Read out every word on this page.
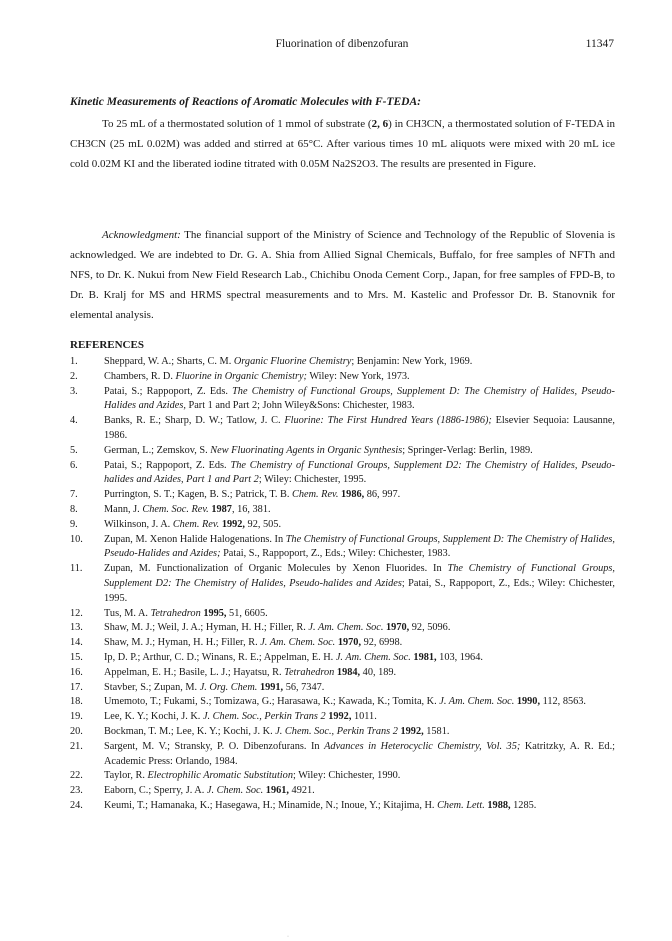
Fluorination of dibenzofuran	11347
Kinetic Measurements of Reactions of Aromatic Molecules with F-TEDA:
To 25 mL of a thermostated solution of 1 mmol of substrate (2, 6) in CH3CN, a thermostated solution of F-TEDA in CH3CN (25 mL 0.02M) was added and stirred at 65°C. After various times 10 mL aliquots were mixed with 20 mL ice cold 0.02M KI and the liberated iodine titrated with 0.05M Na2S2O3. The results are presented in Figure.
Acknowledgment: The financial support of the Ministry of Science and Technology of the Republic of Slovenia is acknowledged. We are indebted to Dr. G. A. Shia from Allied Signal Chemicals, Buffalo, for free samples of NFTh and NFS, to Dr. K. Nukui from New Field Research Lab., Chichibu Onoda Cement Corp., Japan, for free samples of FPD-B, to Dr. B. Kralj for MS and HRMS spectral measurements and to Mrs. M. Kastelic and Professor Dr. B. Stanovnik for elemental analysis.
REFERENCES
1.	Sheppard, W. A.; Sharts, C. M. Organic Fluorine Chemistry; Benjamin: New York, 1969.
2.	Chambers, R. D. Fluorine in Organic Chemistry; Wiley: New York, 1973.
3.	Patai, S.; Rappoport, Z. Eds. The Chemistry of Functional Groups, Supplement D: The Chemistry of Halides, Pseudo-Halides and Azides, Part 1 and Part 2; John Wiley&Sons: Chichester, 1983.
4.	Banks, R. E.; Sharp, D. W.; Tatlow, J. C. Fluorine: The First Hundred Years (1886-1986); Elsevier Sequoia: Lausanne, 1986.
5.	German, L.; Zemskov, S. New Fluorinating Agents in Organic Synthesis; Springer-Verlag: Berlin, 1989.
6.	Patai, S.; Rappoport, Z. Eds. The Chemistry of Functional Groups, Supplement D2: The Chemistry of Halides, Pseudo-halides and Azides, Part 1 and Part 2; Wiley: Chichester, 1995.
7.	Purrington, S. T.; Kagen, B. S.; Patrick, T. B. Chem. Rev. 1986, 86, 997.
8.	Mann, J. Chem. Soc. Rev. 1987, 16, 381.
9.	Wilkinson, J. A. Chem. Rev. 1992, 92, 505.
10. Zupan, M. Xenon Halide Halogenations. In The Chemistry of Functional Groups, Supplement D: The Chemistry of Halides, Pseudo-Halides and Azides; Patai, S., Rappoport, Z., Eds.; Wiley: Chichester, 1983.
11. Zupan, M. Functionalization of Organic Molecules by Xenon Fluorides. In The Chemistry of Functional Groups, Supplement D2: The Chemistry of Halides, Pseudo-halides and Azides; Patai, S., Rappoport, Z., Eds.; Wiley: Chichester, 1995.
12. Tus, M. A. Tetrahedron 1995, 51, 6605.
13. Shaw, M. J.; Weil, J. A.; Hyman, H. H.; Filler, R. J. Am. Chem. Soc. 1970, 92, 5096.
14. Shaw, M. J.; Hyman, H. H.; Filler, R. J. Am. Chem. Soc. 1970, 92, 6998.
15. Ip, D. P.; Arthur, C. D.; Winans, R. E.; Appelman, E. H. J. Am. Chem. Soc. 1981, 103, 1964.
16. Appelman, E. H.; Basile, L. J.; Hayatsu, R. Tetrahedron 1984, 40, 189.
17. Stavber, S.; Zupan, M. J. Org. Chem. 1991, 56, 7347.
18. Umemoto, T.; Fukami, S.; Tomizawa, G.; Harasawa, K.; Kawada, K.; Tomita, K. J. Am. Chem. Soc. 1990, 112, 8563.
19. Lee, K. Y.; Kochi, J. K. J. Chem. Soc., Perkin Trans 2 1992, 1011.
20. Bockman, T. M.; Lee, K. Y.; Kochi, J. K. J. Chem. Soc., Perkin Trans 2 1992, 1581.
21. Sargent, M. V.; Stransky, P. O. Dibenzofurans. In Advances in Heterocyclic Chemistry, Vol. 35; Katritzky, A. R. Ed.; Academic Press: Orlando, 1984.
22. Taylor, R. Electrophilic Aromatic Substitution; Wiley: Chichester, 1990.
23. Eaborn, C.; Sperry, J. A. J. Chem. Soc. 1961, 4921.
24. Keumi, T.; Hamanaka, K.; Hasegawa, H.; Minamide, N.; Inoue, Y.; Kitajima, H. Chem. Lett. 1988, 1285.
·
